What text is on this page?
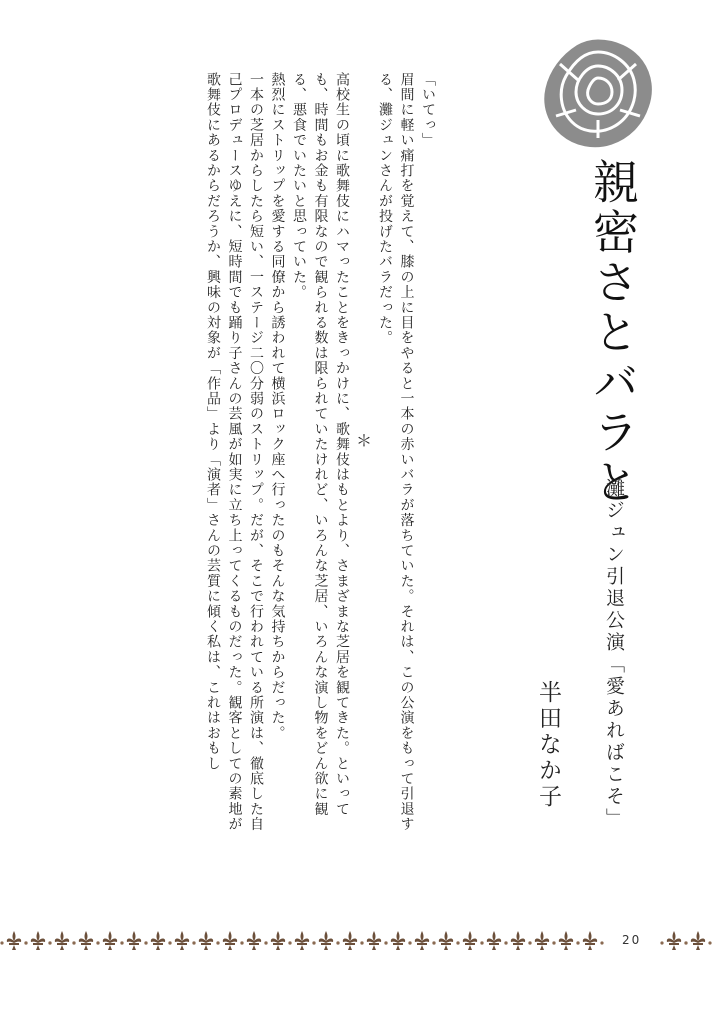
親密さとバラと
灘ジュン引退公演「愛あればこそ」
半田なか子

「いてっ」

眉間に軽い痛打を覚えて、膝の上に目をやると一本の赤いバラが落ちていた。それは、この公演をもって引退する、灘ジュンさんが投げたバラだった。

＊

高校生の頃に歌舞伎にハマったことをきっかけに、歌舞伎はもとより、さまざまな芝居を観てきた。といっても、時間もお金も有限なので観られる数は限られていたけれど、いろんな芝居、いろんな演し物をどん欲に観る、悪食でいたいと思っていた。

熱烈にストリップを愛する同僚から誘われて横浜ロック座へ行ったのもそんな気持ちからだった。

一本の芝居からしたら短い、一ステージ二〇分弱のストリップ。だが、そこで行われている所演は、徹底した自己プロデュースゆえに、短時間でも踊り子さんの芸風が如実に立ち上ってくるものだった。観客としての素地が歌舞伎にあるからだろうか、興味の対象が「作品」より「演者」さんの芸質に傾く私は、これはおもし

20
